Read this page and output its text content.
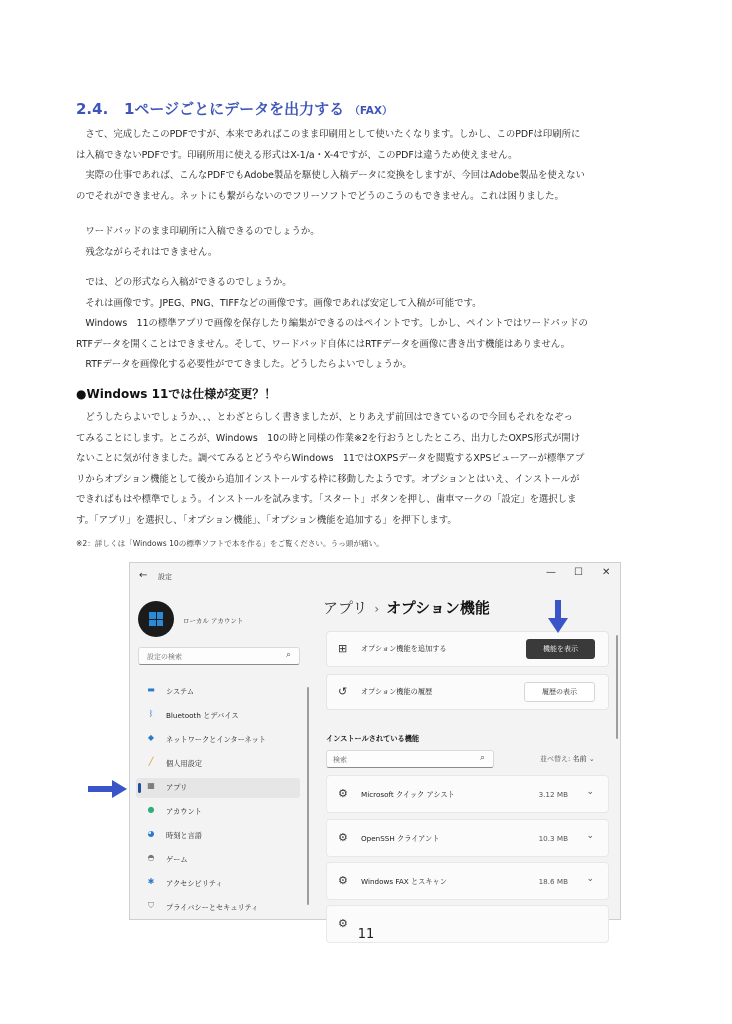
2.4. 1ページごとにデータを出力する （FAX）

　さて、完成したこのPDFですが、本来であればこのまま印刷用として使いたくなります。しかし、このPDFは印刷所に

は入稿できないPDFです。印刷所用に使える形式はX-1/a・X-4ですが、このPDFは違うため使えません。

　実際の仕事であれば、こんなPDFでもAdobe製品を駆使し入稿データに変換をしますが、今回はAdobe製品を使えない

のでそれができません。ネットにも繋がらないのでフリーソフトでどうのこうのもできません。これは困りました。

　ワードパッドのまま印刷所に入稿できるのでしょうか。

　残念ながらそれはできません。

　では、どの形式なら入稿ができるのでしょうか。

　それは画像です。JPEG、PNG、TIFFなどの画像です。画像であれば安定して入稿が可能です。

　Windows　11の標準アプリで画像を保存したり編集ができるのはペイントです。しかし、ペイントではワードパッドの

RTFデータを開くことはできません。そして、ワードパッド自体にはRTFデータを画像に書き出す機能はありません。

　RTFデータを画像化する必要性がでてきました。どうしたらよいでしょうか。

●Windows 11では仕様が変更？！

　どうしたらよいでしょうか、、、とわざとらしく書きましたが、とりあえず前回はできているので今回もそれをなぞっ

てみることにします。ところが、Windows　10の時と同様の作業※2を行おうとしたところ、出力したOXPS形式が開け

ないことに気が付きました。調べてみるとどうやらWindows　11ではOXPSデータを閲覧するXPSビューアーが標準アプ

リからオプション機能として後から追加インストールする枠に移動したようです。オプションとはいえ、インストールが

できればもはや標準でしょう。インストールを試みます。「スタート」ボタンを押し、歯車マークの「設定」を選択しま

す。「アプリ」を選択し、「オプション機能」、「オプション機能を追加する」を押下します。

※2：詳しくは「Windows 10の標準ソフトで本を作る」をご覧ください。うっ頭が痛い。
← 設定	— ☐ ✕
ローカル アカウント
設定の検索	⌕
▬	システム
ᛒ	Bluetooth とデバイス
◆	ネットワークとインターネット
╱	個人用設定
▦	アプリ
●	アカウント
◕	時刻と言語
◓	ゲーム
✱	アクセシビリティ
⛉	プライバシーとセキュリティ
アプリ › オプション機能
⊞ オプション機能を追加する	機能を表示
↺ オプション機能の履歴	履歴の表示
インストールされている機能
検索	⌕	並べ替え: 名前 ⌄
⚙ Microsoft クイック アシスト	3.12 MB ⌄
⚙ OpenSSH クライアント	10.3 MB ⌄
⚙ Windows FAX とスキャン	18.6 MB ⌄
⚙
11
